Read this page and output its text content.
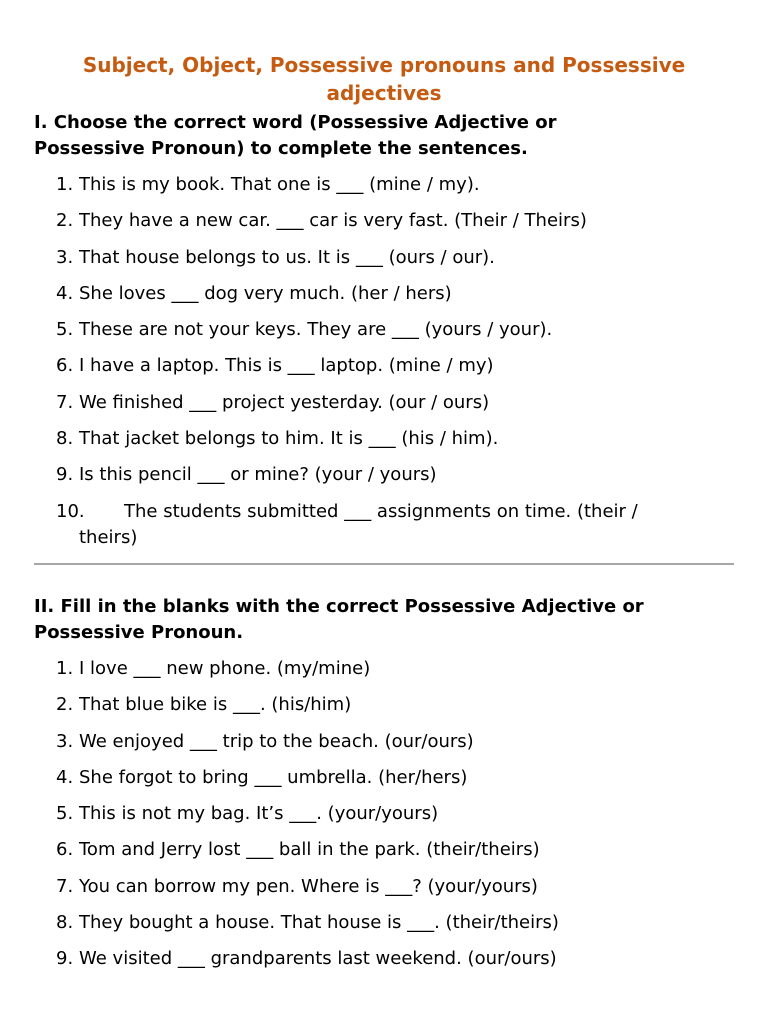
Subject, Object, Possessive pronouns and Possessive adjectives
I. Choose the correct word (Possessive Adjective or
Possessive Pronoun) to complete the sentences.
1. This is my book. That one is ___ (mine / my).
2. They have a new car. ___ car is very fast. (Their / Theirs)
3. That house belongs to us. It is ___ (ours / our).
4. She loves ___ dog very much. (her / hers)
5. These are not your keys. They are ___ (yours / your).
6. I have a laptop. This is ___ laptop. (mine / my)
7. We finished ___ project yesterday. (our / ours)
8. That jacket belongs to him. It is ___ (his / him).
9. Is this pencil ___ or mine? (your / yours)
10.	The students submitted ___ assignments on time. (their /
theirs)
II. Fill in the blanks with the correct Possessive Adjective or
Possessive Pronoun.
1. I love ___ new phone. (my/mine)
2. That blue bike is ___. (his/him)
3. We enjoyed ___ trip to the beach. (our/ours)
4. She forgot to bring ___ umbrella. (her/hers)
5. This is not my bag. It’s ___. (your/yours)
6. Tom and Jerry lost ___ ball in the park. (their/theirs)
7. You can borrow my pen. Where is ___? (your/yours)
8. They bought a house. That house is ___. (their/theirs)
9. We visited ___ grandparents last weekend. (our/ours)
